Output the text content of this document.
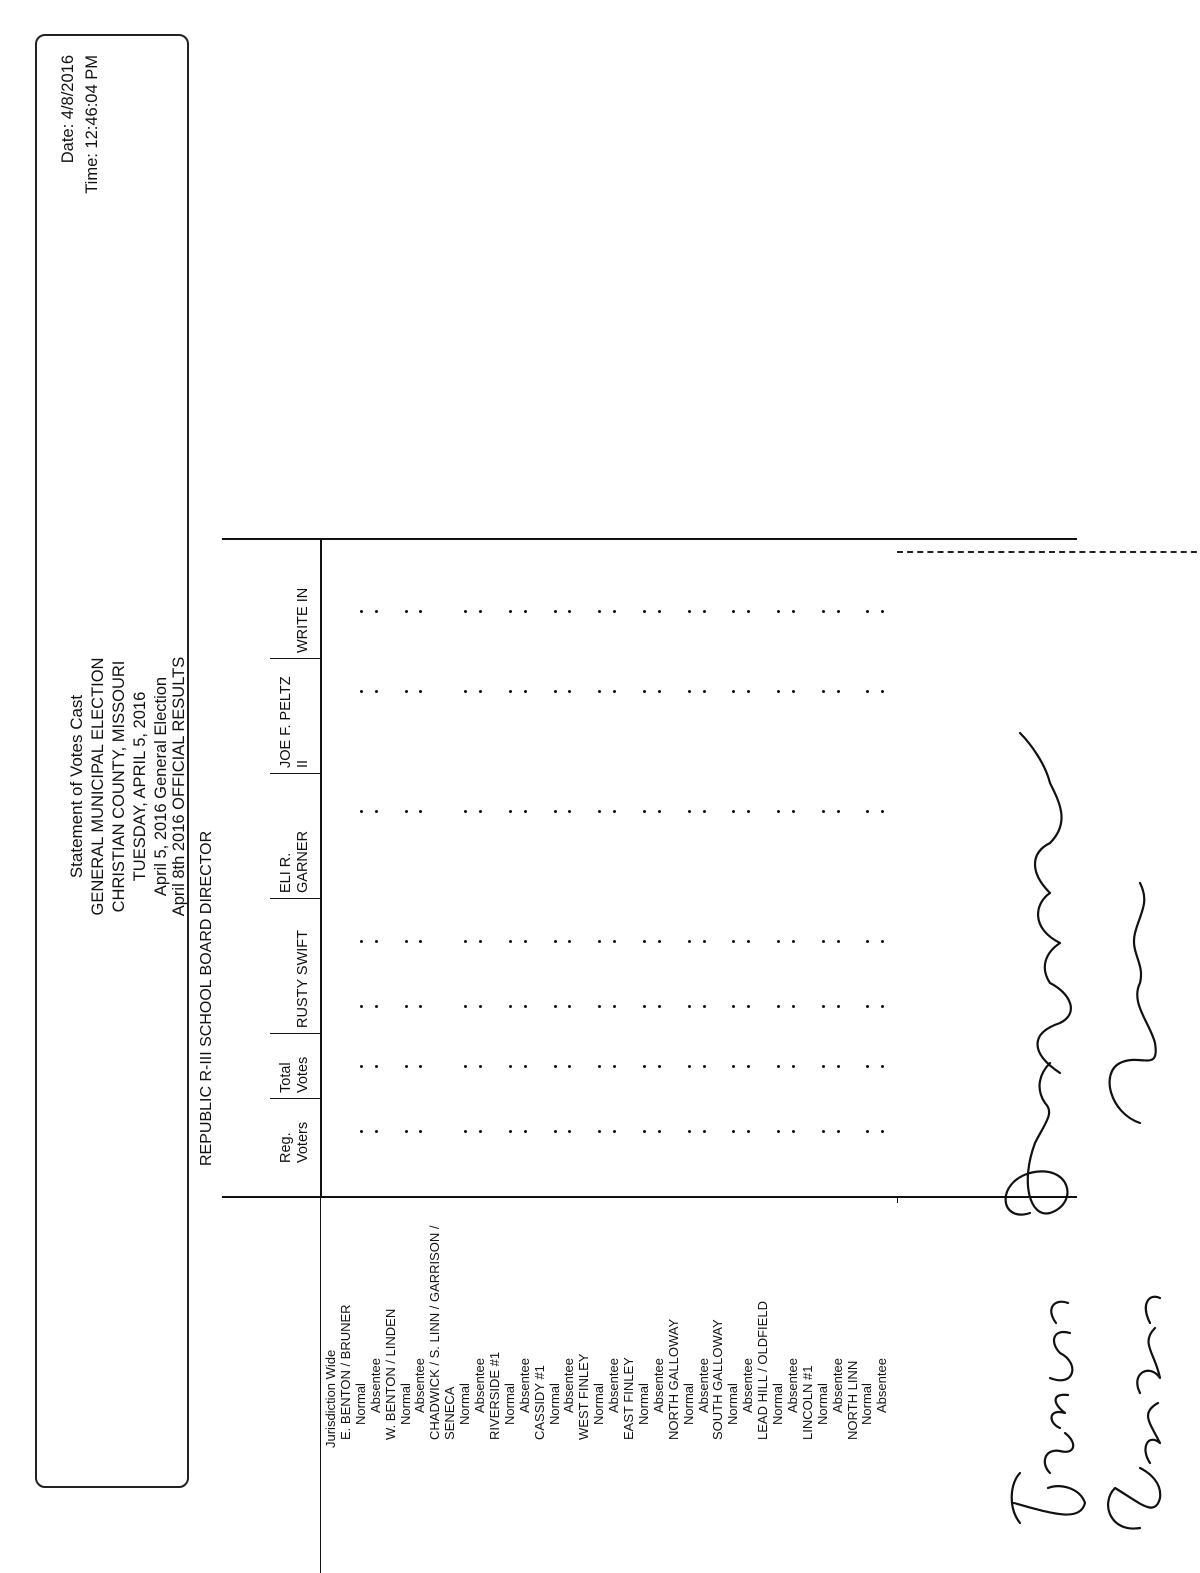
Statement of Votes Cast GENERAL MUNICIPAL ELECTION CHRISTIAN COUNTY, MISSOURI TUESDAY, APRIL 5, 2016 April 5, 2016 General Election April 8th 2016 OFFICIAL RESULTS
Date: 4/8/2016 Time: 12:46:04 PM
REPUBLIC R-III SCHOOL BOARD DIRECTOR	Reg. Voters
Total Votes
RUSTY SWIFT
ELI R. GARNER
JOE F. PELTZ II
WRITE IN
Jurisdiction Wide E. BENTON / BRUNER Normal Absentee W. BENTON / LINDEN Normal Absentee CHADWICK / S. LINN / GARRISON / SENECA Normal Absentee RIVERSIDE #1 Normal Absentee CASSIDY #1 Normal Absentee WEST FINLEY Normal Absentee EAST FINLEY Normal Absentee NORTH GALLOWAY Normal Absentee SOUTH GALLOWAY Normal Absentee LEAD HILL / OLDFIELD Normal Absentee LINCOLN #1 Normal Absentee NORTH LINN Normal Absentee
